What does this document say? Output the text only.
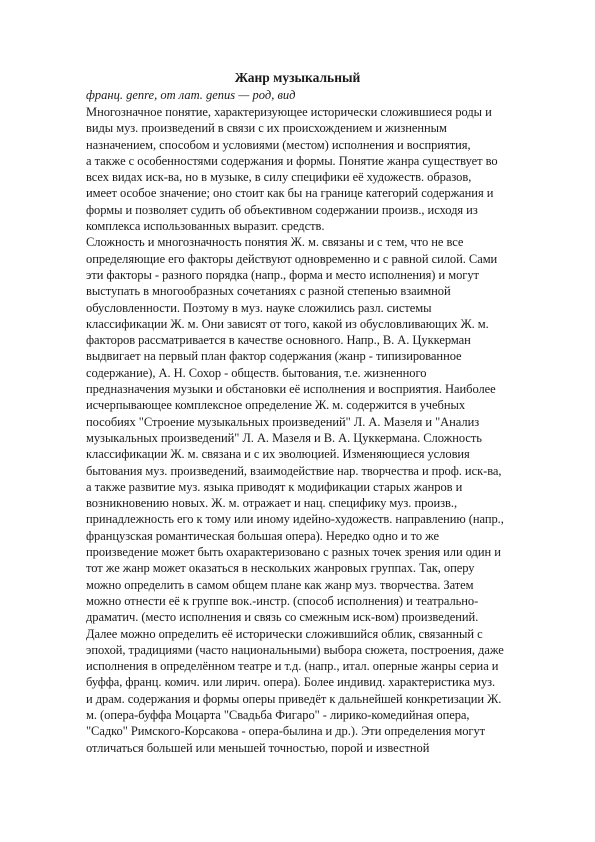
Жанр музыкальный
франц. genre, от лат. genus — род, вид
Многозначное понятие, характеризующее исторически сложившиеся роды и
виды муз. произведений в связи с их происхождением и жизненным
назначением, способом и условиями (местом) исполнения и восприятия,
а также с особенностями содержания и формы. Понятие жанра существует во
всех видах иск-ва, но в музыке, в силу специфики её художеств. образов,
имеет особое значение; оно стоит как бы на границе категорий содержания и
формы и позволяет судить об объективном содержании произв., исходя из
комплекса использованных выразит. средств.
Сложность и многозначность понятия Ж. м. связаны и с тем, что не все
определяющие его факторы действуют одновременно и с равной силой. Сами
эти факторы - разного порядка (напр., форма и место исполнения) и могут
выступать в многообразных сочетаниях с разной степенью взаимной
обусловленности. Поэтому в муз. науке сложились разл. системы
классификации Ж. м. Они зависят от того, какой из обусловливающих Ж. м.
факторов рассматривается в качестве основного. Напр., В. А. Цуккерман
выдвигает на первый план фактор содержания (жанр - типизированное
содержание), А. Н. Сохор - обществ. бытования, т.е. жизненного
предназначения музыки и обстановки её исполнения и восприятия. Наиболее
исчерпывающее комплексное определение Ж. м. содержится в учебных
пособиях "Строение музыкальных произведений" Л. А. Мазеля и "Анализ
музыкальных произведений" Л. А. Мазеля и В. А. Цуккермана. Сложность
классификации Ж. м. связана и с их эволюцией. Изменяющиеся условия
бытования муз. произведений, взаимодействие нар. творчества и проф. иск-ва,
а также развитие муз. языка приводят к модификации старых жанров и
возникновению новых. Ж. м. отражает и нац. специфику муз. произв.,
принадлежность его к тому или иному идейно-художеств. направлению (напр.,
французская романтическая большая опера). Нередко одно и то же
произведение может быть охарактеризовано с разных точек зрения или один и
тот же жанр может оказаться в нескольких жанровых группах. Так, оперу
можно определить в самом общем плане как жанр муз. творчества. Затем
можно отнести её к группе вок.-инстр. (способ исполнения) и театрально-
драматич. (место исполнения и связь со смежным иск-вом) произведений.
Далее можно определить её исторически сложившийся облик, связанный с
эпохой, традициями (часто национальными) выбора сюжета, построения, даже
исполнения в определённом театре и т.д. (напр., итал. оперные жанры сериа и
буффа, франц. комич. или лирич. опера). Более индивид. характеристика муз.
и драм. содержания и формы оперы приведёт к дальнейшей конкретизации Ж.
м. (опера-буффа Моцарта "Свадьба Фигаро" - лирико-комедийная опера,
"Садко" Римского-Корсакова - опера-былина и др.). Эти определения могут
отличаться большей или меньшей точностью, порой и известной
